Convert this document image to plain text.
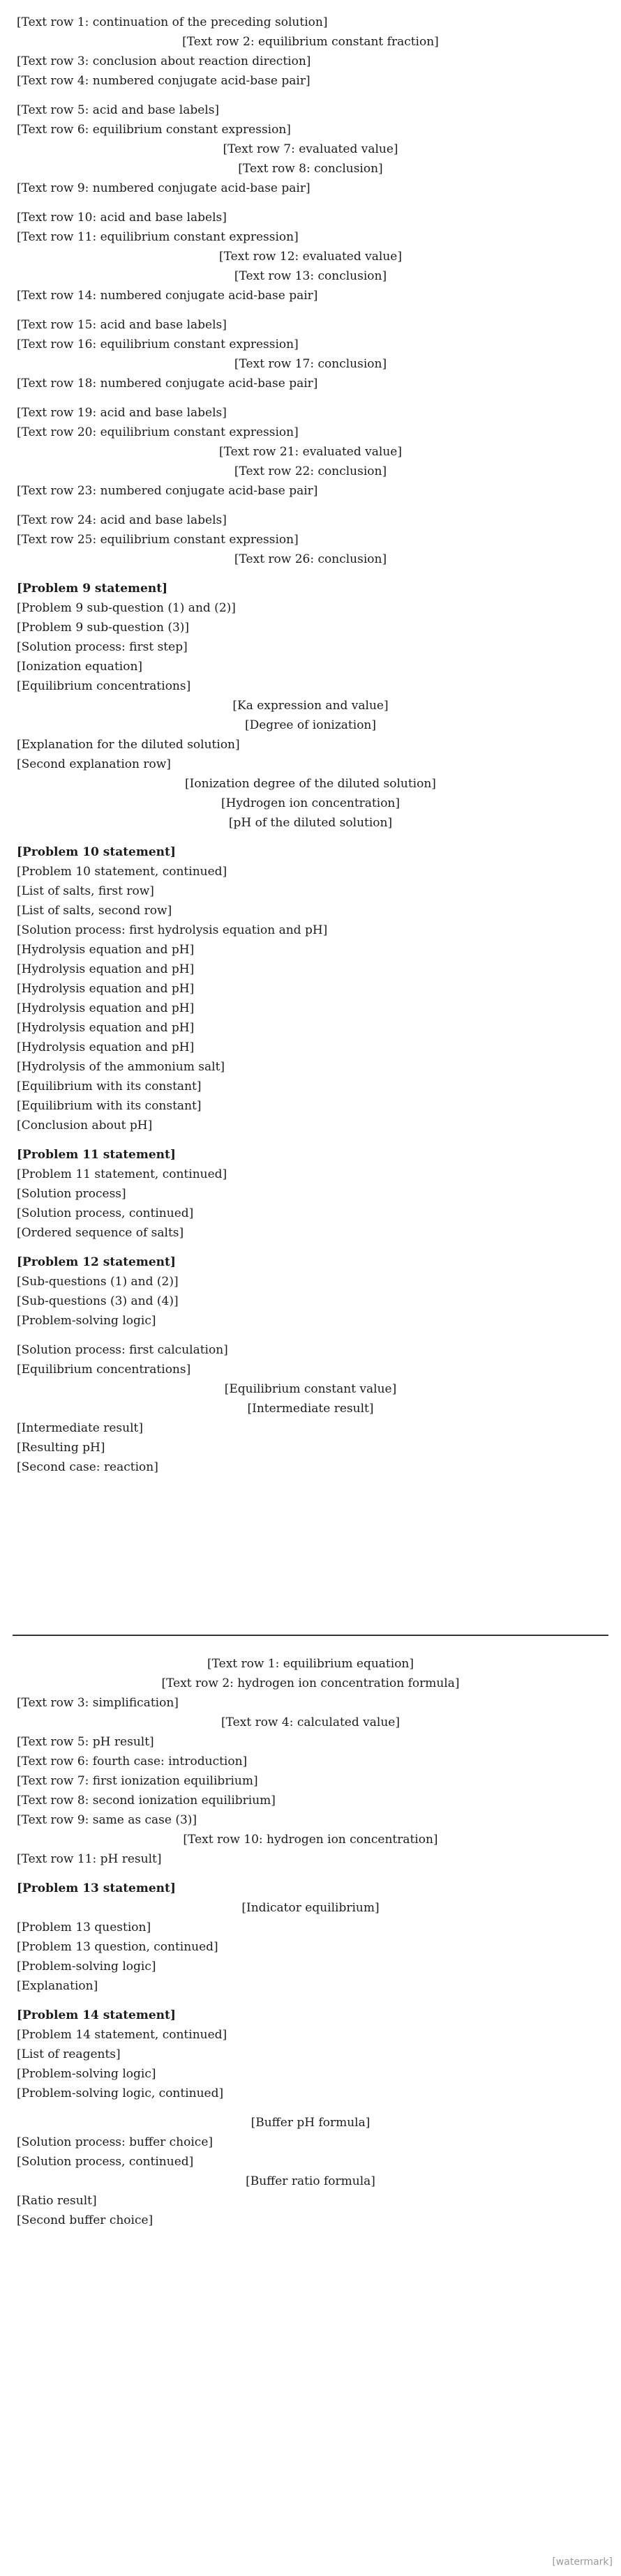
[Text row 1: continuation of the preceding solution]
[Text row 2: equilibrium constant fraction]
[Text row 3: conclusion about reaction direction]
[Text row 4: numbered conjugate acid-base pair]
[Text row 5: acid and base labels]
[Text row 6: equilibrium constant expression]
[Text row 7: evaluated value]
[Text row 8: conclusion]
[Text row 9: numbered conjugate acid-base pair]
[Text row 10: acid and base labels]
[Text row 11: equilibrium constant expression]
[Text row 12: evaluated value]
[Text row 13: conclusion]
[Text row 14: numbered conjugate acid-base pair]
[Text row 15: acid and base labels]
[Text row 16: equilibrium constant expression]
[Text row 17: conclusion]
[Text row 18: numbered conjugate acid-base pair]
[Text row 19: acid and base labels]
[Text row 20: equilibrium constant expression]
[Text row 21: evaluated value]
[Text row 22: conclusion]
[Text row 23: numbered conjugate acid-base pair]
[Text row 24: acid and base labels]
[Text row 25: equilibrium constant expression]
[Text row 26: conclusion]
[Problem 9 statement]
[Problem 9 sub-question (1) and (2)]
[Problem 9 sub-question (3)]
[Solution process: first step]
[Ionization equation]
[Equilibrium concentrations]
[Ka expression and value]
[Degree of ionization]
[Explanation for the diluted solution]
[Second explanation row]
[Ionization degree of the diluted solution]
[Hydrogen ion concentration]
[pH of the diluted solution]
[Problem 10 statement]
[Problem 10 statement, continued]
[List of salts, first row]
[List of salts, second row]
[Solution process: first hydrolysis equation and pH]
[Hydrolysis equation and pH]
[Hydrolysis equation and pH]
[Hydrolysis equation and pH]
[Hydrolysis equation and pH]
[Hydrolysis equation and pH]
[Hydrolysis equation and pH]
[Hydrolysis of the ammonium salt]
[Equilibrium with its constant]
[Equilibrium with its constant]
[Conclusion about pH]
[Problem 11 statement]
[Problem 11 statement, continued]
[Solution process]
[Solution process, continued]
[Ordered sequence of salts]
[Problem 12 statement]
[Sub-questions (1) and (2)]
[Sub-questions (3) and (4)]
[Problem-solving logic]
[Solution process: first calculation]
[Equilibrium concentrations]
[Equilibrium constant value]
[Intermediate result]
[Intermediate result]
[Resulting pH]
[Second case: reaction]
[Text row 1: equilibrium equation]
[Text row 2: hydrogen ion concentration formula]
[Text row 3: simplification]
[Text row 4: calculated value]
[Text row 5: pH result]
[Text row 6: fourth case: introduction]
[Text row 7: first ionization equilibrium]
[Text row 8: second ionization equilibrium]
[Text row 9: same as case (3)]
[Text row 10: hydrogen ion concentration]
[Text row 11: pH result]
[Problem 13 statement]
[Indicator equilibrium]
[Problem 13 question]
[Problem 13 question, continued]
[Problem-solving logic]
[Explanation]
[Problem 14 statement]
[Problem 14 statement, continued]
[List of reagents]
[Problem-solving logic]
[Problem-solving logic, continued]
[Buffer pH formula]
[Solution process: buffer choice]
[Solution process, continued]
[Buffer ratio formula]
[Ratio result]
[Second buffer choice]
[watermark]
